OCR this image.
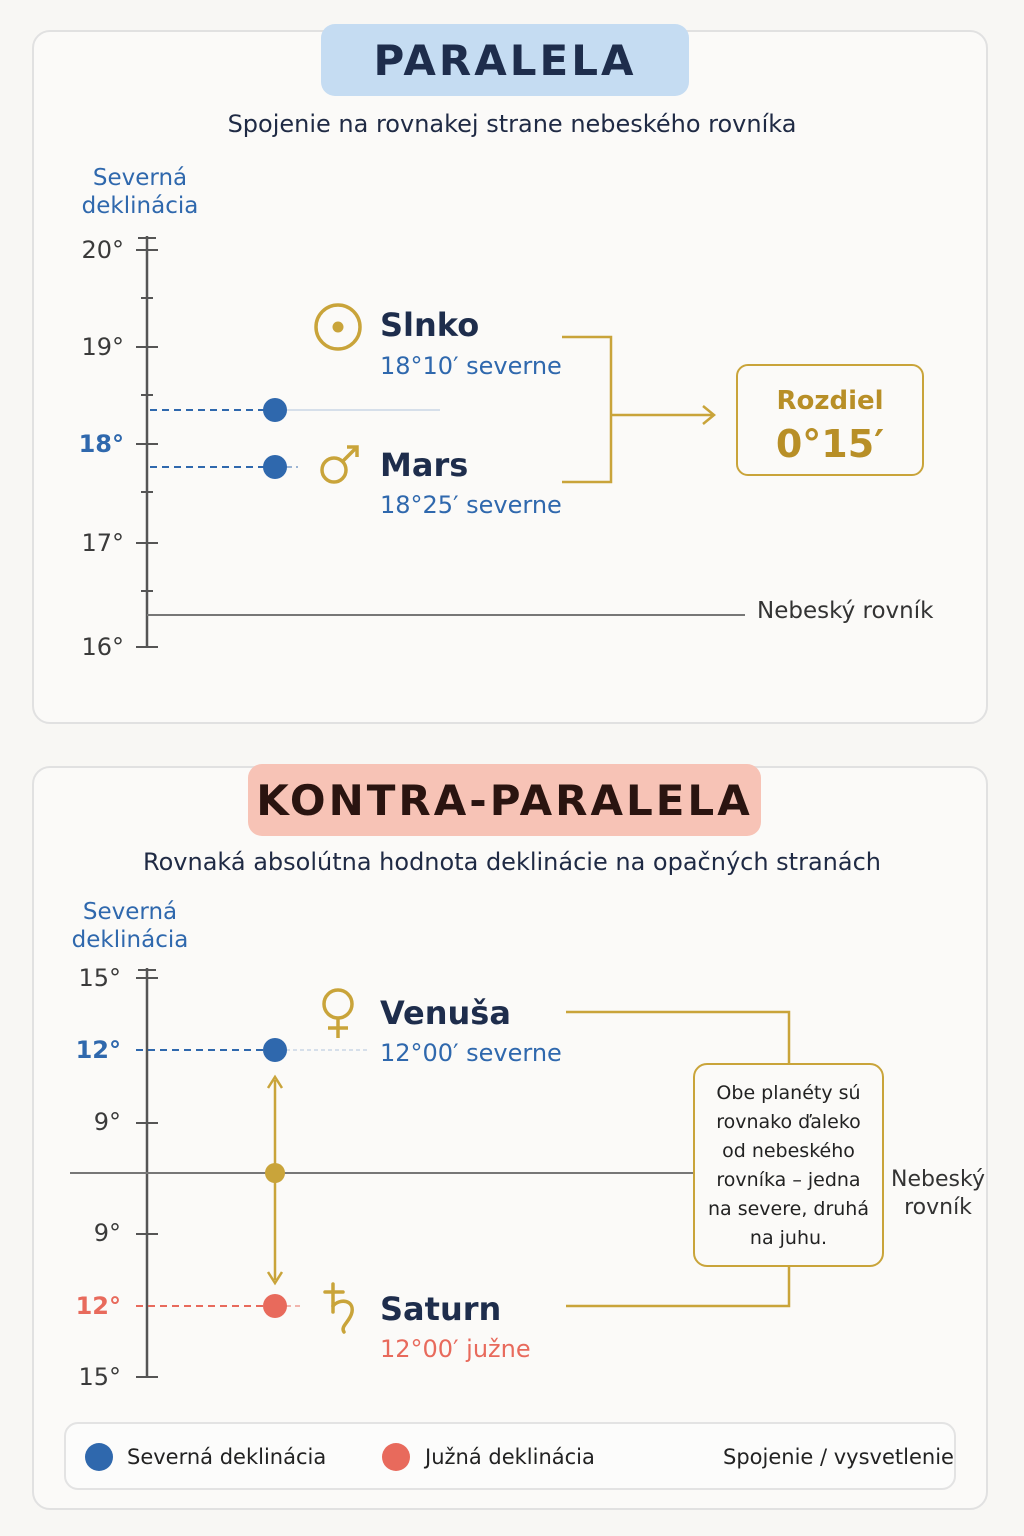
PARALELA
Spojenie na rovnakej strane nebeského rovníka
Severná
deklinácia
20°
19°
18°
17°
16°
Slnko
18°10′ severne
Mars
18°25′ severne
Rozdiel
0°15′
Nebeský rovník
KONTRA-PARALELA
Rovnaká absolútna hodnota deklinácie na opačných stranách
Severná
deklinácia
15°
12°
9°
9°
12°
15°
Venuša
12°00′ severne
Saturn
12°00′ južne
Obe planéty sú
rovnako ďaleko
od nebeského
rovníka – jedna
na severe, druhá
na juhu.
Nebeský
rovník
Severná deklinácia	Južná deklinácia	Spojenie / vysvetlenie
